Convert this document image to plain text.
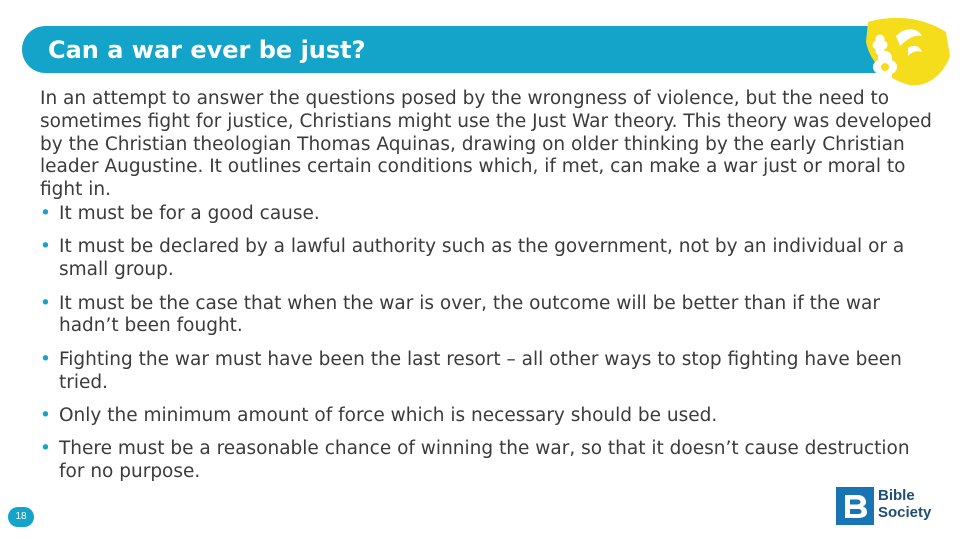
Can a war ever be just?

In an attempt to answer the questions posed by the wrongness of violence, but the need to sometimes fight for justice, Christians might use the Just War theory. This theory was developed by the Christian theologian Thomas Aquinas, drawing on older thinking by the early Christian leader Augustine. It outlines certain conditions which, if met, can make a war just or moral to fight in.

• It must be for a good cause.
• It must be declared by a lawful authority such as the government, not by an individual or a small group.
• It must be the case that when the war is over, the outcome will be better than if the war hadn’t been fought.
• Fighting the war must have been the last resort – all other ways to stop fighting have been tried.
• Only the minimum amount of force which is necessary should be used.
• There must be a reasonable chance of winning the war, so that it doesn’t cause destruction for no purpose.
18
Bible
Society
